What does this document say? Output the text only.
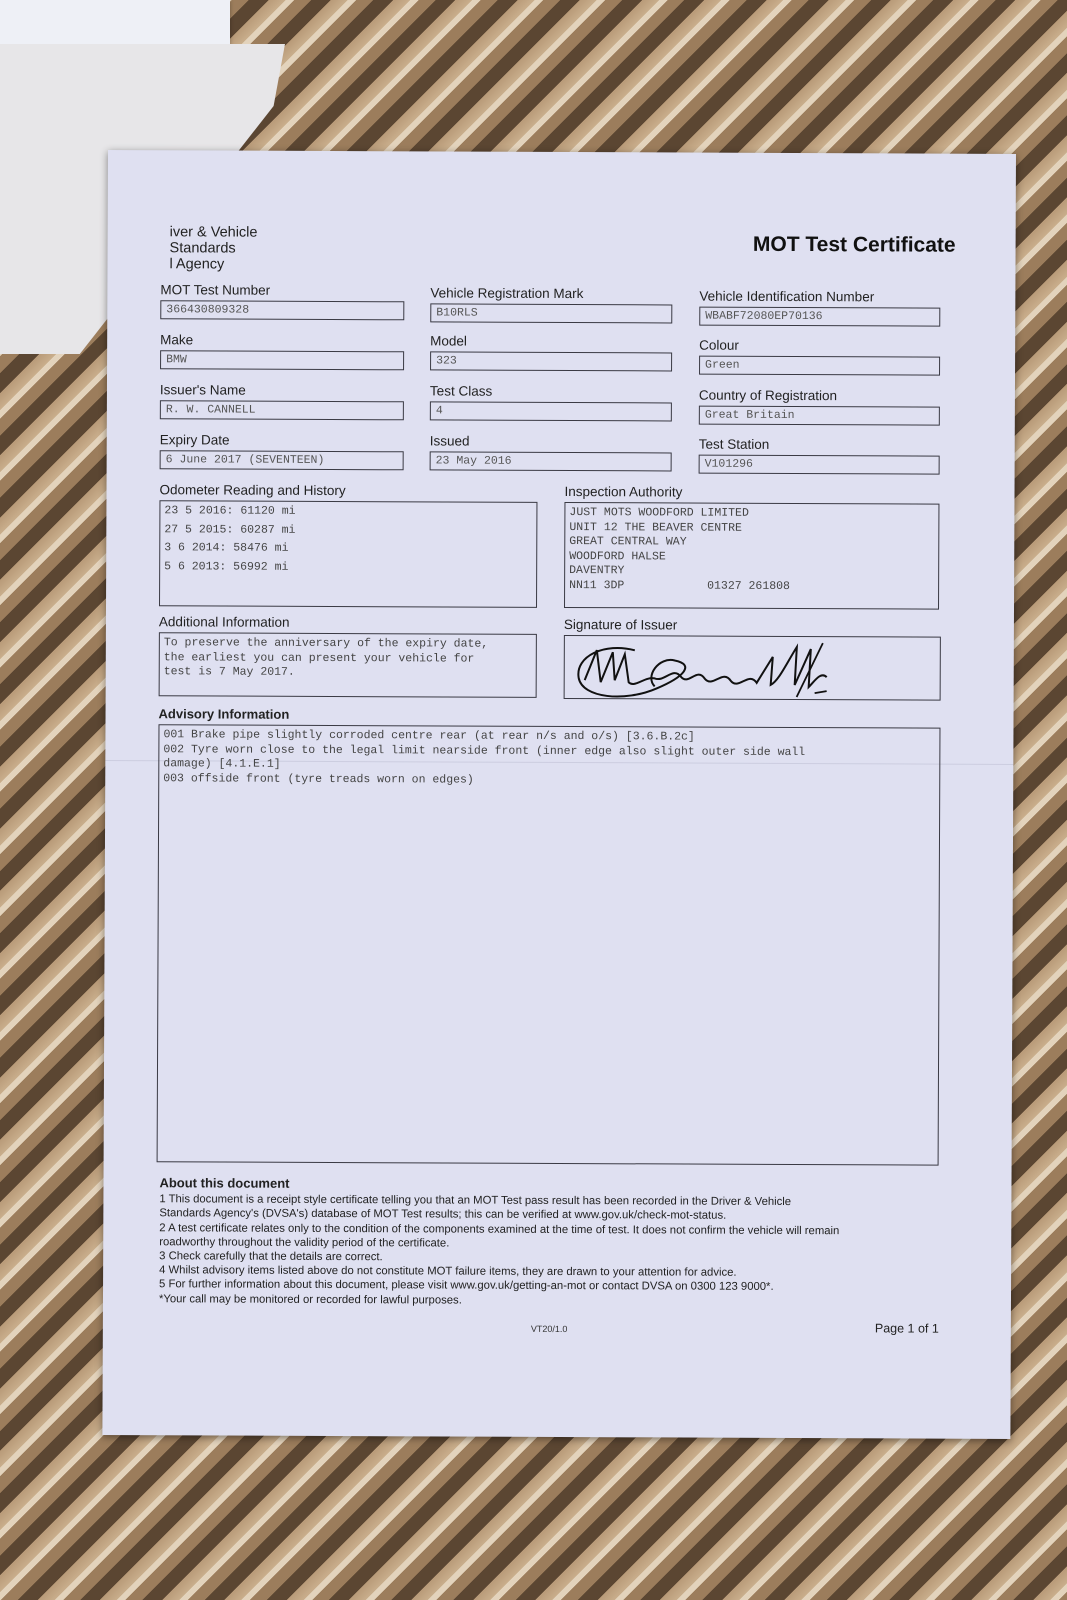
iver & Vehicle
Standards
l Agency
MOT Test Certificate
MOT Test Number
366430809328
Vehicle Registration Mark
B10RLS
Vehicle Identification Number
WBABF72080EP70136
Make
BMW
Model
323
Colour
Green
Issuer's Name
R. W. CANNELL
Test Class
4
Country of Registration
Great Britain
Expiry Date
6 June 2017 (SEVENTEEN)
Issued
23 May 2016
Test Station
V101296
Odometer Reading and History
23 5 2016: 61120 mi
27 5 2015: 60287 mi
3 6 2014: 58476 mi
5 6 2013: 56992 mi
Inspection Authority
JUST MOTS WOODFORD LIMITED
UNIT 12 THE BEAVER CENTRE
GREAT CENTRAL WAY
WOODFORD HALSE
DAVENTRY
NN11 3DP            01327 261808
Additional Information
To preserve the anniversary of the expiry date,
the earliest you can present your vehicle for
test is 7 May 2017.
Signature of Issuer
Advisory Information
001 Brake pipe slightly corroded centre rear (at rear n/s and o/s) [3.6.B.2c]
002 Tyre worn close to the legal limit nearside front (inner edge also slight outer side wall
damage) [4.1.E.1]
003 offside front (tyre treads worn on edges)
About this document
1 This document is a receipt style certificate telling you that an MOT Test pass result has been recorded in the Driver & Vehicle
Standards Agency's (DVSA's) database of MOT Test results; this can be verified at www.gov.uk/check-mot-status.
2 A test certificate relates only to the condition of the components examined at the time of test. It does not confirm the vehicle will remain
roadworthy throughout the validity period of the certificate.
3 Check carefully that the details are correct.
4 Whilst advisory items listed above do not constitute MOT failure items, they are drawn to your attention for advice.
5 For further information about this document, please visit www.gov.uk/getting-an-mot or contact DVSA on 0300 123 9000*.
*Your call may be monitored or recorded for lawful purposes.
VT20/1.0	Page 1 of 1
